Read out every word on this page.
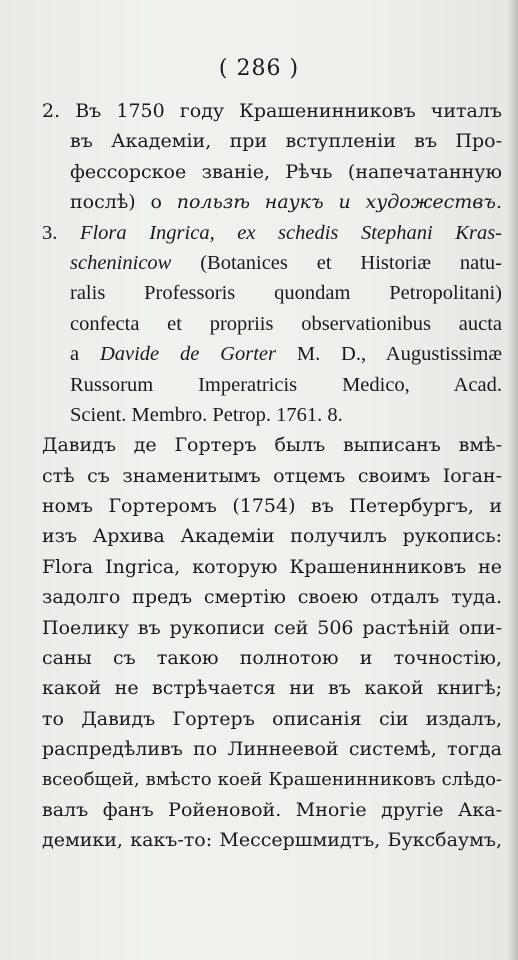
( 286 )
2. Въ 1750 году Крашенинниковъ читалъ
въ Академіи, при вступленіи въ Про-
фессорское званіе, Рѣчь (напечатанную
послѣ) о пользѣ наукъ и художествъ.
3. Flora Ingrica, ex schedis Stephani Kras-
scheninicow (Botanices et Historiæ natu-
ralis Professoris quondam Petropolitani)
confecta et propriis observationibus aucta
a Davide de Gorter M. D., Augustissimæ
Russorum Imperatricis Medico, Acad.
Scient. Membro. Petrop. 1761. 8.
Давидъ де Гортеръ былъ выписанъ вмѣ-
стѣ съ знаменитымъ отцемъ своимъ Іоган-
номъ Гортеромъ (1754) въ Петербургъ, и
изъ Архива Академіи получилъ рукопись:
Flora Ingrica, которую Крашенинниковъ не
задолго предъ смертію своею отдалъ туда.
Поелику въ рукописи сей 506 растѣній опи-
саны съ такою полнотою и точностію,
какой не встрѣчается ни въ какой книгѣ;
то Давидъ Гортеръ описанія сіи издалъ,
распредѣливъ по Линнеевой системѣ, тогда
всеобщей, вмѣсто коей Крашенинниковъ слѣдо-
валъ фанъ Ройеновой. Многіе другіе Ака-
демики, какъ-то: Мессершмидтъ, Буксбаумъ,
